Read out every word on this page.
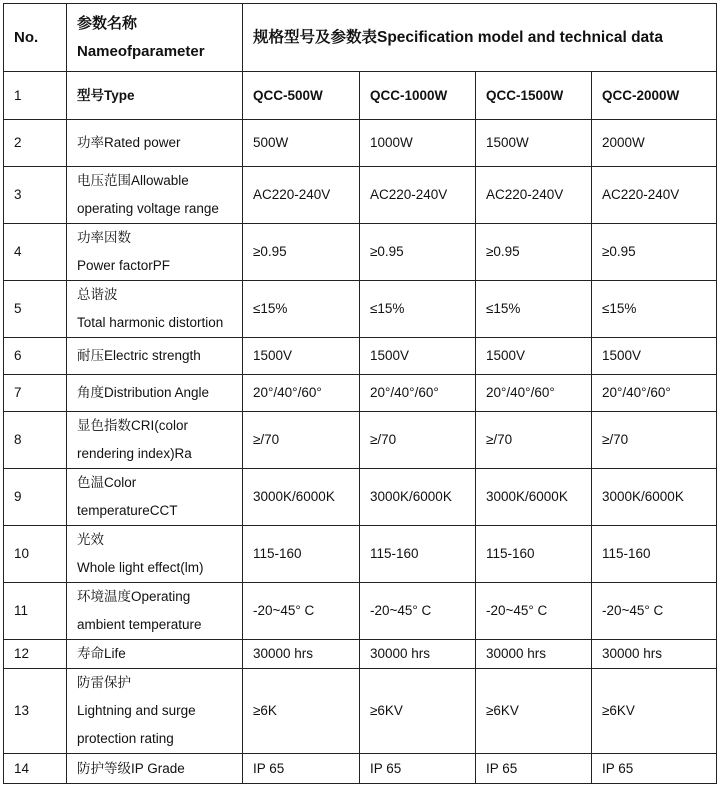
No.	参数名称
Nameofparameter	规格型号及参数表Specification model and technical data			
1	型号Type	QCC-500W	QCC-1000W	QCC-1500W	QCC-2000W
2	功率Rated power	500W	1000W	1500W	2000W
3	电压范围Allowable
operating voltage range	AC220-240V	AC220-240V	AC220-240V	AC220-240V
4	功率因数
Power factorPF	≥0.95	≥0.95	≥0.95	≥0.95
5	总谐波
Total harmonic distortion	≤15%	≤15%	≤15%	≤15%
6	耐压Electric strength	1500V	1500V	1500V	1500V
7	角度Distribution Angle	20°/40°/60°	20°/40°/60°	20°/40°/60°	20°/40°/60°
8	显色指数CRI(color
rendering index)Ra	≥/70	≥/70	≥/70	≥/70
9	色温Color
temperatureCCT	3000K/6000K	3000K/6000K	3000K/6000K	3000K/6000K
10	光效
Whole light effect(lm)	115-160	115-160	115-160	115-160
11	环境温度Operating
ambient temperature	-20~45° C	-20~45° C	-20~45° C	-20~45° C
12	寿命Life	30000 hrs	30000 hrs	30000 hrs	30000 hrs
13	防雷保护
Lightning and surge
protection rating	≥6K	≥6KV	≥6KV	≥6KV
14	防护等级IP Grade	IP 65	IP 65	IP 65	IP 65
